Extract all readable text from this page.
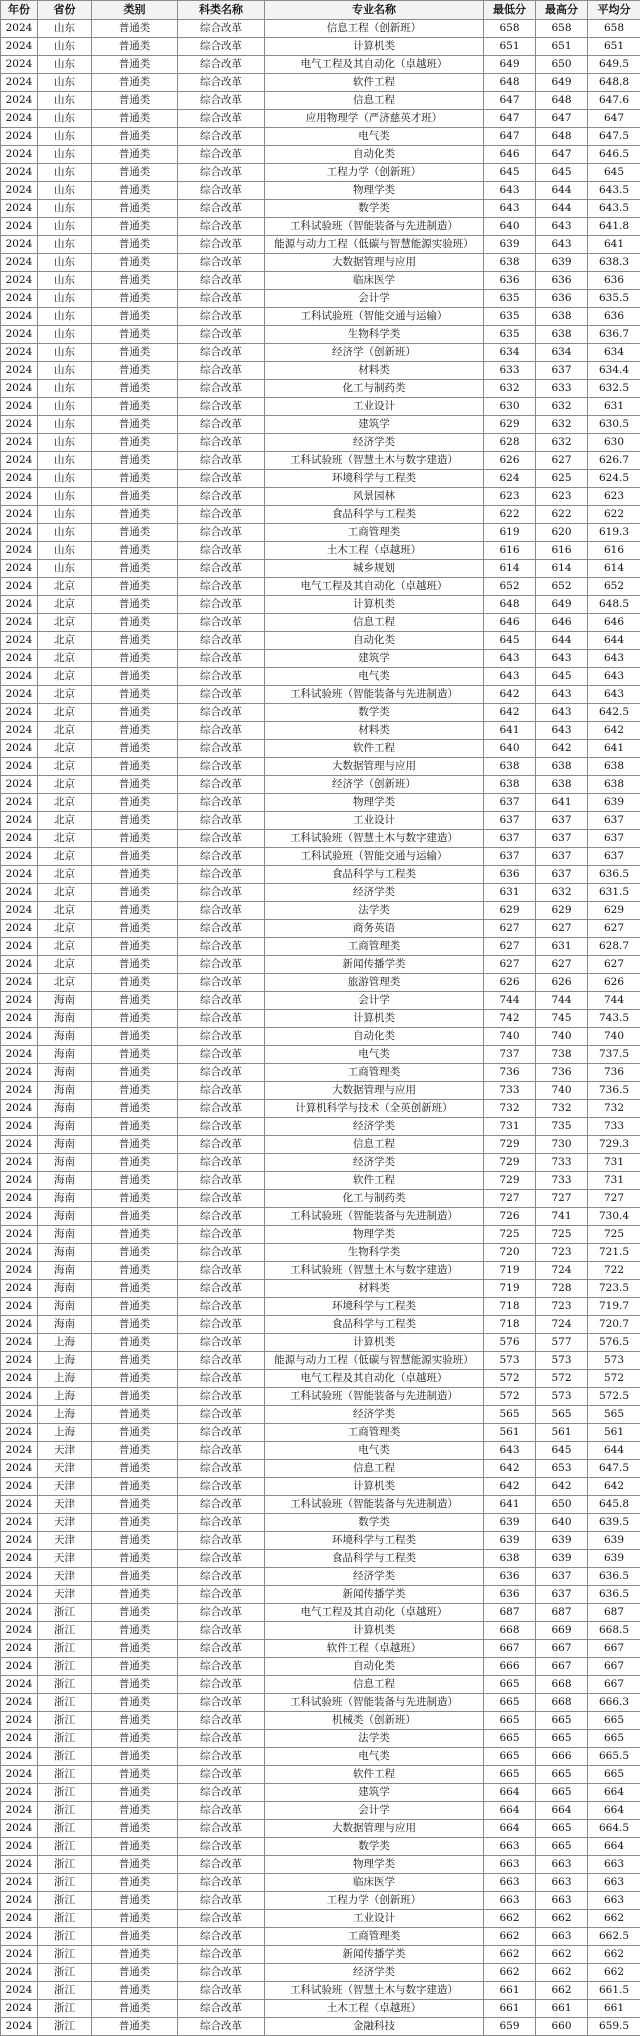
年份	省份	类别	科类名称	专业名称	最低分	最高分	平均分
2024	山东	普通类	综合改革	信息工程（创新班）	658	658	658
2024	山东	普通类	综合改革	计算机类	651	651	651
2024	山东	普通类	综合改革	电气工程及其自动化（卓越班）	649	650	649.5
2024	山东	普通类	综合改革	软件工程	648	649	648.8
2024	山东	普通类	综合改革	信息工程	647	648	647.6
2024	山东	普通类	综合改革	应用物理学（严济慈英才班）	647	647	647
2024	山东	普通类	综合改革	电气类	647	648	647.5
2024	山东	普通类	综合改革	自动化类	646	647	646.5
2024	山东	普通类	综合改革	工程力学（创新班）	645	645	645
2024	山东	普通类	综合改革	物理学类	643	644	643.5
2024	山东	普通类	综合改革	数学类	643	644	643.5
2024	山东	普通类	综合改革	工科试验班（智能装备与先进制造）	640	643	641.8
2024	山东	普通类	综合改革	能源与动力工程（低碳与智慧能源实验班）	639	643	641
2024	山东	普通类	综合改革	大数据管理与应用	638	639	638.3
2024	山东	普通类	综合改革	临床医学	636	636	636
2024	山东	普通类	综合改革	会计学	635	636	635.5
2024	山东	普通类	综合改革	工科试验班（智能交通与运输）	635	638	636
2024	山东	普通类	综合改革	生物科学类	635	638	636.7
2024	山东	普通类	综合改革	经济学（创新班）	634	634	634
2024	山东	普通类	综合改革	材料类	633	637	634.4
2024	山东	普通类	综合改革	化工与制药类	632	633	632.5
2024	山东	普通类	综合改革	工业设计	630	632	631
2024	山东	普通类	综合改革	建筑学	629	632	630.5
2024	山东	普通类	综合改革	经济学类	628	632	630
2024	山东	普通类	综合改革	工科试验班（智慧土木与数字建造）	626	627	626.7
2024	山东	普通类	综合改革	环境科学与工程类	624	625	624.5
2024	山东	普通类	综合改革	风景园林	623	623	623
2024	山东	普通类	综合改革	食品科学与工程类	622	622	622
2024	山东	普通类	综合改革	工商管理类	619	620	619.3
2024	山东	普通类	综合改革	土木工程（卓越班）	616	616	616
2024	山东	普通类	综合改革	城乡规划	614	614	614
2024	北京	普通类	综合改革	电气工程及其自动化（卓越班）	652	652	652
2024	北京	普通类	综合改革	计算机类	648	649	648.5
2024	北京	普通类	综合改革	信息工程	646	646	646
2024	北京	普通类	综合改革	自动化类	645	644	644
2024	北京	普通类	综合改革	建筑学	643	643	643
2024	北京	普通类	综合改革	电气类	643	645	643
2024	北京	普通类	综合改革	工科试验班（智能装备与先进制造）	642	643	643
2024	北京	普通类	综合改革	数学类	642	643	642.5
2024	北京	普通类	综合改革	材料类	641	643	642
2024	北京	普通类	综合改革	软件工程	640	642	641
2024	北京	普通类	综合改革	大数据管理与应用	638	638	638
2024	北京	普通类	综合改革	经济学（创新班）	638	638	638
2024	北京	普通类	综合改革	物理学类	637	641	639
2024	北京	普通类	综合改革	工业设计	637	637	637
2024	北京	普通类	综合改革	工科试验班（智慧土木与数字建造）	637	637	637
2024	北京	普通类	综合改革	工科试验班（智能交通与运输）	637	637	637
2024	北京	普通类	综合改革	食品科学与工程类	636	637	636.5
2024	北京	普通类	综合改革	经济学类	631	632	631.5
2024	北京	普通类	综合改革	法学类	629	629	629
2024	北京	普通类	综合改革	商务英语	627	627	627
2024	北京	普通类	综合改革	工商管理类	627	631	628.7
2024	北京	普通类	综合改革	新闻传播学类	627	627	627
2024	北京	普通类	综合改革	旅游管理类	626	626	626
2024	海南	普通类	综合改革	会计学	744	744	744
2024	海南	普通类	综合改革	计算机类	742	745	743.5
2024	海南	普通类	综合改革	自动化类	740	740	740
2024	海南	普通类	综合改革	电气类	737	738	737.5
2024	海南	普通类	综合改革	工商管理类	736	736	736
2024	海南	普通类	综合改革	大数据管理与应用	733	740	736.5
2024	海南	普通类	综合改革	计算机科学与技术（全英创新班）	732	732	732
2024	海南	普通类	综合改革	经济学类	731	735	733
2024	海南	普通类	综合改革	信息工程	729	730	729.3
2024	海南	普通类	综合改革	经济学类	729	733	731
2024	海南	普通类	综合改革	软件工程	729	733	731
2024	海南	普通类	综合改革	化工与制药类	727	727	727
2024	海南	普通类	综合改革	工科试验班（智能装备与先进制造）	726	741	730.4
2024	海南	普通类	综合改革	物理学类	725	725	725
2024	海南	普通类	综合改革	生物科学类	720	723	721.5
2024	海南	普通类	综合改革	工科试验班（智慧土木与数字建造）	719	724	722
2024	海南	普通类	综合改革	材料类	719	728	723.5
2024	海南	普通类	综合改革	环境科学与工程类	718	723	719.7
2024	海南	普通类	综合改革	食品科学与工程类	718	724	720.7
2024	上海	普通类	综合改革	计算机类	576	577	576.5
2024	上海	普通类	综合改革	能源与动力工程（低碳与智慧能源实验班）	573	573	573
2024	上海	普通类	综合改革	电气工程及其自动化（卓越班）	572	572	572
2024	上海	普通类	综合改革	工科试验班（智能装备与先进制造）	572	573	572.5
2024	上海	普通类	综合改革	经济学类	565	565	565
2024	上海	普通类	综合改革	工商管理类	561	561	561
2024	天津	普通类	综合改革	电气类	643	645	644
2024	天津	普通类	综合改革	信息工程	642	653	647.5
2024	天津	普通类	综合改革	计算机类	642	642	642
2024	天津	普通类	综合改革	工科试验班（智能装备与先进制造）	641	650	645.8
2024	天津	普通类	综合改革	数学类	639	640	639.5
2024	天津	普通类	综合改革	环境科学与工程类	639	639	639
2024	天津	普通类	综合改革	食品科学与工程类	638	639	639
2024	天津	普通类	综合改革	经济学类	636	637	636.5
2024	天津	普通类	综合改革	新闻传播学类	636	637	636.5
2024	浙江	普通类	综合改革	电气工程及其自动化（卓越班）	687	687	687
2024	浙江	普通类	综合改革	计算机类	668	669	668.5
2024	浙江	普通类	综合改革	软件工程（卓越班）	667	667	667
2024	浙江	普通类	综合改革	自动化类	666	667	667
2024	浙江	普通类	综合改革	信息工程	665	668	667
2024	浙江	普通类	综合改革	工科试验班（智能装备与先进制造）	665	668	666.3
2024	浙江	普通类	综合改革	机械类（创新班）	665	665	665
2024	浙江	普通类	综合改革	法学类	665	665	665
2024	浙江	普通类	综合改革	电气类	665	666	665.5
2024	浙江	普通类	综合改革	软件工程	665	665	665
2024	浙江	普通类	综合改革	建筑学	664	665	664
2024	浙江	普通类	综合改革	会计学	664	664	664
2024	浙江	普通类	综合改革	大数据管理与应用	664	665	664.5
2024	浙江	普通类	综合改革	数学类	663	665	664
2024	浙江	普通类	综合改革	物理学类	663	663	663
2024	浙江	普通类	综合改革	临床医学	663	663	663
2024	浙江	普通类	综合改革	工程力学（创新班）	663	663	663
2024	浙江	普通类	综合改革	工业设计	662	662	662
2024	浙江	普通类	综合改革	工商管理类	662	663	662.5
2024	浙江	普通类	综合改革	新闻传播学类	662	662	662
2024	浙江	普通类	综合改革	经济学类	662	662	662
2024	浙江	普通类	综合改革	工科试验班（智慧土木与数字建造）	661	662	661.5
2024	浙江	普通类	综合改革	土木工程（卓越班）	661	661	661
2024	浙江	普通类	综合改革	金融科技	659	660	659.5
